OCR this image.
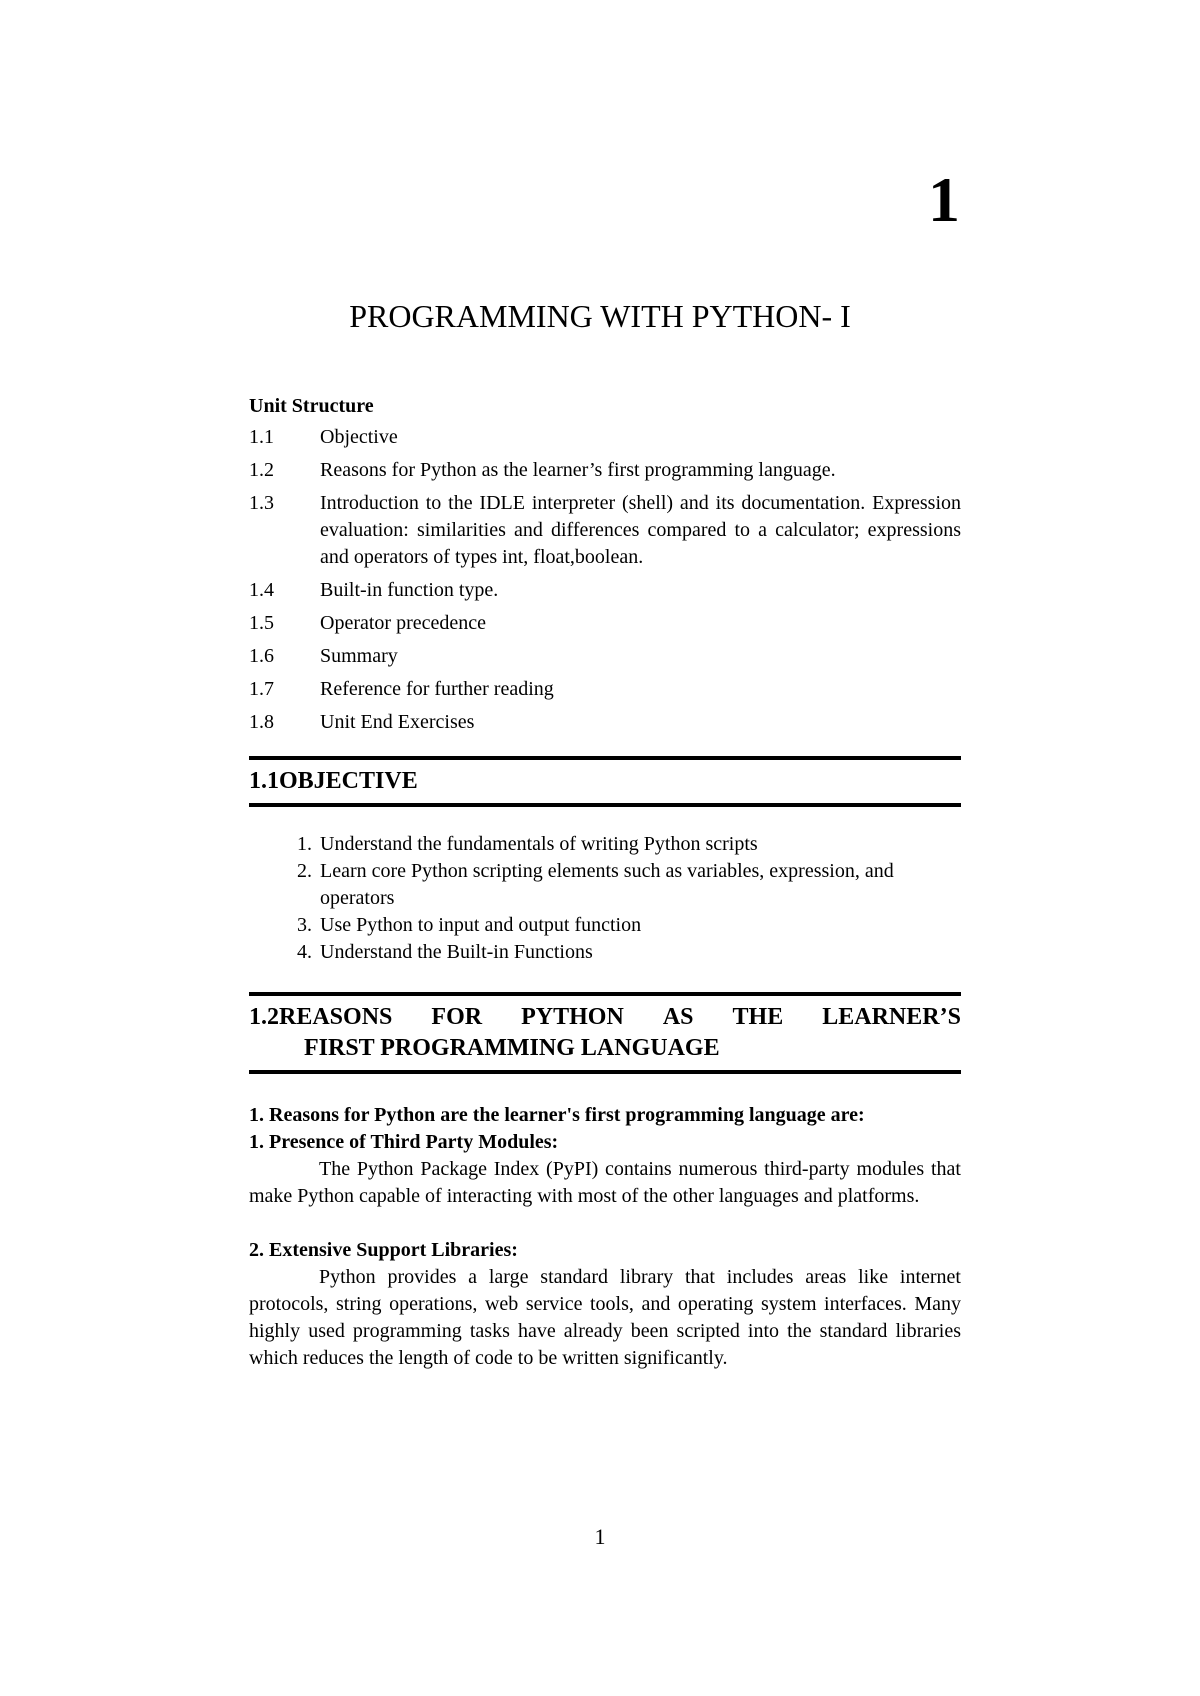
1
PROGRAMMING WITH PYTHON- I
Unit Structure
1.1	Objective
1.2	Reasons for Python as the learner’s first programming language.
1.3	Introduction to the IDLE interpreter (shell) and its documentation. Expression evaluation: similarities and differences compared to a calculator; expressions and operators of types int, float,boolean.
1.4	Built-in function type.
1.5	Operator precedence
1.6	Summary
1.7	Reference for further reading
1.8	Unit End Exercises
1.1OBJECTIVE
1. Understand the fundamentals of writing Python scripts
2. Learn core Python scripting elements such as variables, expression, and operators
3. Use Python to input and output function
4. Understand the Built-in Functions
1.2REASONS FOR PYTHON AS THE LEARNER’S
FIRST PROGRAMMING LANGUAGE
1. Reasons for Python are the learner's first programming language are:
1. Presence of Third Party Modules:
The Python Package Index (PyPI) contains numerous third-party modules that make Python capable of interacting with most of the other languages and platforms.
2. Extensive Support Libraries:
Python provides a large standard library that includes areas like internet protocols, string operations, web service tools, and operating system interfaces. Many highly used programming tasks have already been scripted into the standard libraries which reduces the length of code to be written significantly.
1
